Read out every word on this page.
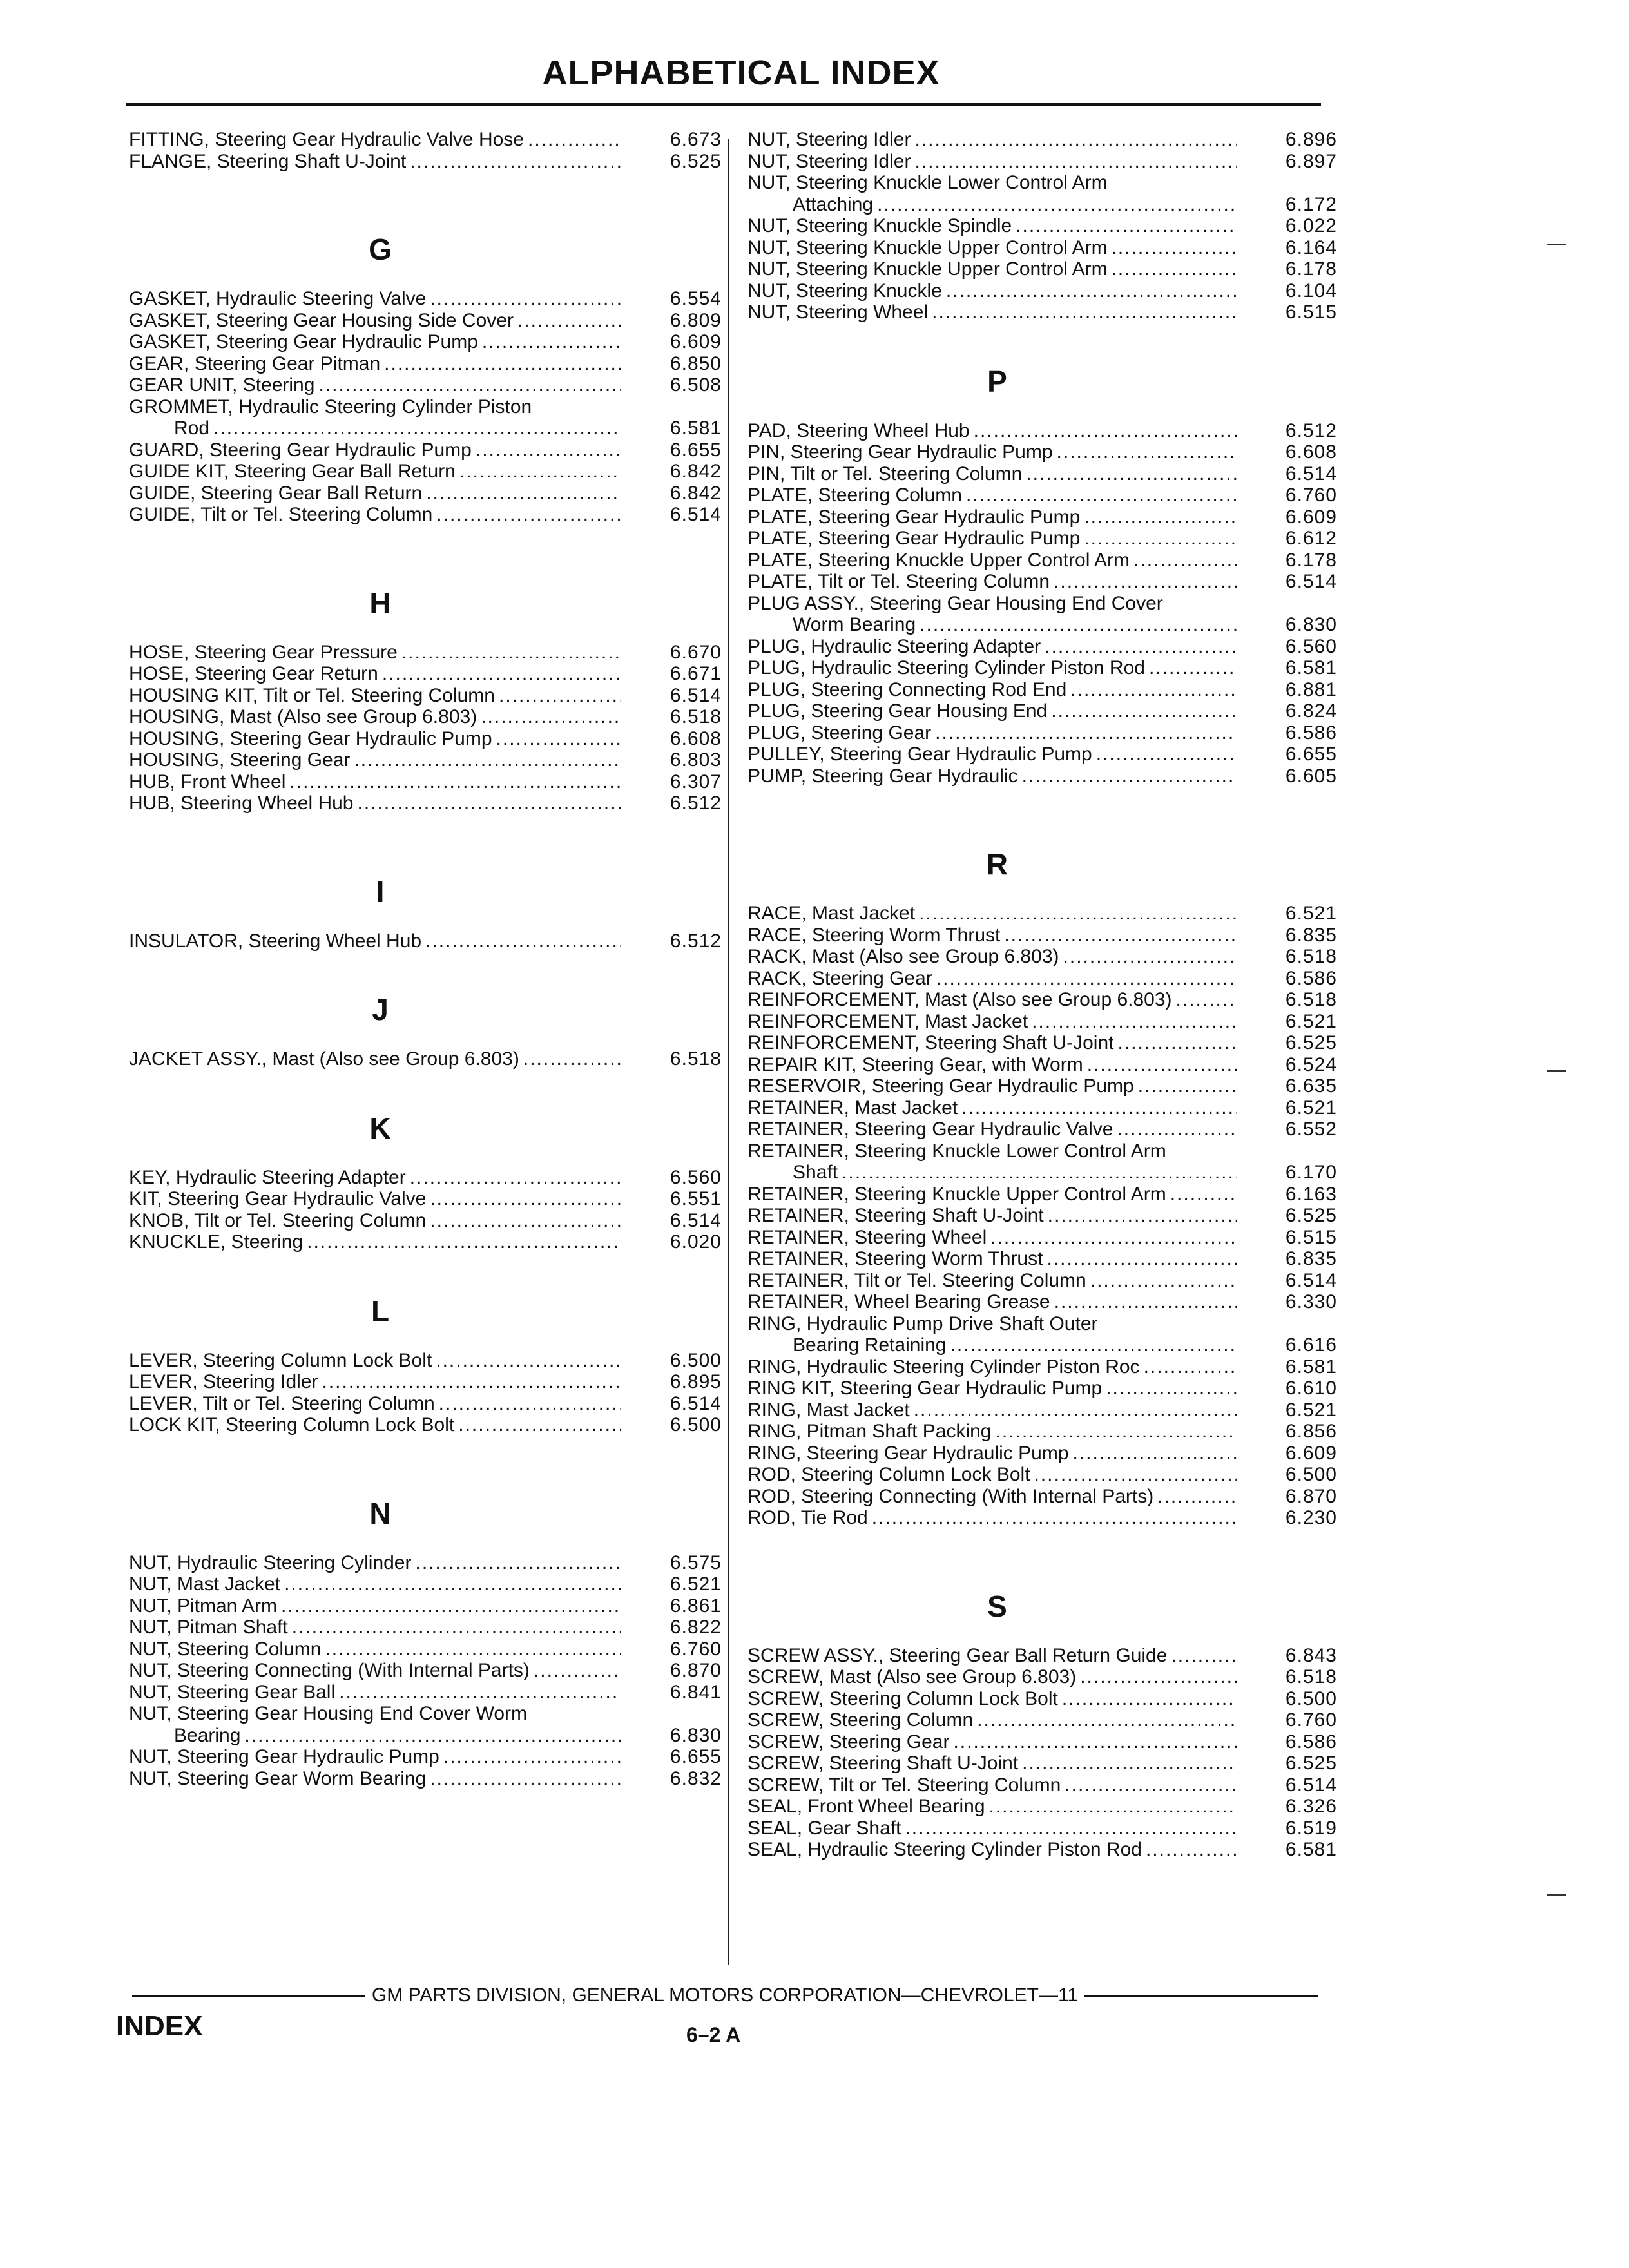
ALPHABETICAL INDEX
FITTING, Steering Gear Hydraulic Valve Hose .....	6.673
FLANGE, Steering Shaft U-Joint .....	6.525
G
GASKET, Hydraulic Steering Valve .....	6.554
GASKET, Steering Gear Housing Side Cover .....	6.809
GASKET, Steering Gear Hydraulic Pump .....	6.609
GEAR, Steering Gear Pitman .....	6.850
GEAR UNIT, Steering .....	6.508
GROMMET, Hydraulic Steering Cylinder Piston
Rod .....	6.581
GUARD, Steering Gear Hydraulic Pump .....	6.655
GUIDE KIT, Steering Gear Ball Return .....	6.842
GUIDE, Steering Gear Ball Return .....	6.842
GUIDE, Tilt or Tel. Steering Column .....	6.514
H
HOSE, Steering Gear Pressure .....	6.670
HOSE, Steering Gear Return .....	6.671
HOUSING KIT, Tilt or Tel. Steering Column .....	6.514
HOUSING, Mast (Also see Group 6.803) .....	6.518
HOUSING, Steering Gear Hydraulic Pump .....	6.608
HOUSING, Steering Gear .....	6.803
HUB, Front Wheel .....	6.307
HUB, Steering Wheel Hub .....	6.512
I
INSULATOR, Steering Wheel Hub .....	6.512
J
JACKET ASSY., Mast (Also see Group 6.803) .....	6.518
K
KEY, Hydraulic Steering Adapter .....	6.560
KIT, Steering Gear Hydraulic Valve .....	6.551
KNOB, Tilt or Tel. Steering Column .....	6.514
KNUCKLE, Steering .....	6.020
L
LEVER, Steering Column Lock Bolt .....	6.500
LEVER, Steering Idler .....	6.895
LEVER, Tilt or Tel. Steering Column .....	6.514
LOCK KIT, Steering Column Lock Bolt .....	6.500
N
NUT, Hydraulic Steering Cylinder .....	6.575
NUT, Mast Jacket .....	6.521
NUT, Pitman Arm .....	6.861
NUT, Pitman Shaft .....	6.822
NUT, Steering Column .....	6.760
NUT, Steering Connecting (With Internal Parts) .....	6.870
NUT, Steering Gear Ball .....	6.841
NUT, Steering Gear Housing End Cover Worm
Bearing .....	6.830
NUT, Steering Gear Hydraulic Pump .....	6.655
NUT, Steering Gear Worm Bearing .....	6.832
NUT, Steering Idler .....	6.896
NUT, Steering Idler .....	6.897
NUT, Steering Knuckle Lower Control Arm
Attaching .....	6.172
NUT, Steering Knuckle Spindle .....	6.022
NUT, Steering Knuckle Upper Control Arm .....	6.164
NUT, Steering Knuckle Upper Control Arm .....	6.178
NUT, Steering Knuckle .....	6.104
NUT, Steering Wheel .....	6.515
P
PAD, Steering Wheel Hub .....	6.512
PIN, Steering Gear Hydraulic Pump .....	6.608
PIN, Tilt or Tel. Steering Column .....	6.514
PLATE, Steering Column .....	6.760
PLATE, Steering Gear Hydraulic Pump .....	6.609
PLATE, Steering Gear Hydraulic Pump .....	6.612
PLATE, Steering Knuckle Upper Control Arm .....	6.178
PLATE, Tilt or Tel. Steering Column .....	6.514
PLUG ASSY., Steering Gear Housing End Cover
Worm Bearing .....	6.830
PLUG, Hydraulic Steering Adapter .....	6.560
PLUG, Hydraulic Steering Cylinder Piston Rod .....	6.581
PLUG, Steering Connecting Rod End .....	6.881
PLUG, Steering Gear Housing End .....	6.824
PLUG, Steering Gear .....	6.586
PULLEY, Steering Gear Hydraulic Pump .....	6.655
PUMP, Steering Gear Hydraulic .....	6.605
R
RACE, Mast Jacket .....	6.521
RACE, Steering Worm Thrust .....	6.835
RACK, Mast (Also see Group 6.803) .....	6.518
RACK, Steering Gear .....	6.586
REINFORCEMENT, Mast (Also see Group 6.803) .....	6.518
REINFORCEMENT, Mast Jacket .....	6.521
REINFORCEMENT, Steering Shaft U-Joint .....	6.525
REPAIR KIT, Steering Gear, with Worm .....	6.524
RESERVOIR, Steering Gear Hydraulic Pump .....	6.635
RETAINER, Mast Jacket .....	6.521
RETAINER, Steering Gear Hydraulic Valve .....	6.552
RETAINER, Steering Knuckle Lower Control Arm
Shaft .....	6.170
RETAINER, Steering Knuckle Upper Control Arm .....	6.163
RETAINER, Steering Shaft U-Joint .....	6.525
RETAINER, Steering Wheel .....	6.515
RETAINER, Steering Worm Thrust .....	6.835
RETAINER, Tilt or Tel. Steering Column .....	6.514
RETAINER, Wheel Bearing Grease .....	6.330
RING, Hydraulic Pump Drive Shaft Outer
Bearing Retaining .....	6.616
RING, Hydraulic Steering Cylinder Piston Roc .....	6.581
RING KIT, Steering Gear Hydraulic Pump .....	6.610
RING, Mast Jacket .....	6.521
RING, Pitman Shaft Packing .....	6.856
RING, Steering Gear Hydraulic Pump .....	6.609
ROD, Steering Column Lock Bolt .....	6.500
ROD, Steering Connecting (With Internal Parts) .....	6.870
ROD, Tie Rod .....	6.230
S
SCREW ASSY., Steering Gear Ball Return Guide .....	6.843
SCREW, Mast (Also see Group 6.803) .....	6.518
SCREW, Steering Column Lock Bolt .....	6.500
SCREW, Steering Column .....	6.760
SCREW, Steering Gear .....	6.586
SCREW, Steering Shaft U-Joint .....	6.525
SCREW, Tilt or Tel. Steering Column .....	6.514
SEAL, Front Wheel Bearing .....	6.326
SEAL, Gear Shaft .....	6.519
SEAL, Hydraulic Steering Cylinder Piston Rod .....	6.581
GM PARTS DIVISION, GENERAL MOTORS CORPORATION—CHEVROLET—11
INDEX	6–2 A
